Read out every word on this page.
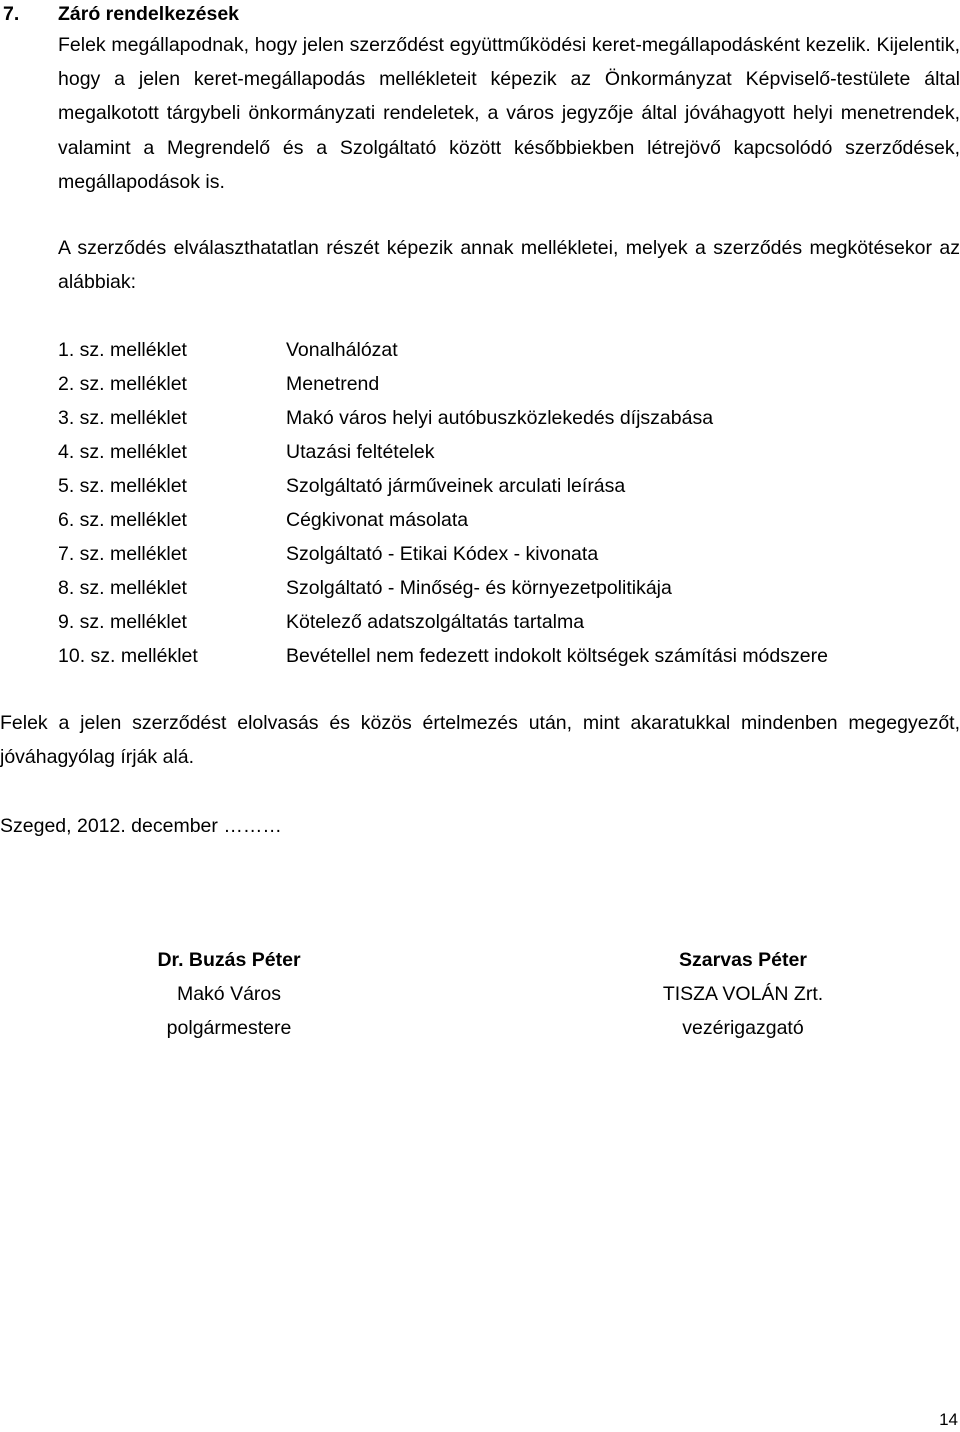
7. Záró rendelkezések
Felek megállapodnak, hogy jelen szerződést együttműködési keret-megállapodásként kezelik. Kijelentik, hogy a jelen keret-megállapodás mellékleteit képezik az Önkormányzat Képviselő-testülete által megalkotott tárgybeli önkormányzati rendeletek, a város jegyzője által jóváhagyott helyi menetrendek, valamint a Megrendelő és a Szolgáltató között későbbiekben létrejövő kapcsolódó szerződések, megállapodások is.
A szerződés elválaszthatatlan részét képezik annak mellékletei, melyek a szerződés megkötésekor az alábbiak:
1. sz. melléklet	Vonalhálózat
2. sz. melléklet	Menetrend
3. sz. melléklet	Makó város helyi autóbuszközlekedés díjszabása
4. sz. melléklet	Utazási feltételek
5. sz. melléklet	Szolgáltató járműveinek arculati leírása
6. sz. melléklet	Cégkivonat másolata
7. sz. melléklet	Szolgáltató - Etikai Kódex - kivonata
8. sz. melléklet	Szolgáltató - Minőség- és környezetpolitikája
9. sz. melléklet	Kötelező adatszolgáltatás tartalma
10. sz. melléklet	Bevétellel nem fedezett indokolt költségek számítási módszere
Felek a jelen szerződést elolvasás és közös értelmezés után, mint akaratukkal mindenben megegyezőt, jóváhagyólag írják alá.
Szeged, 2012. december ………
Dr. Buzás Péter
Makó Város
polgármestere
Szarvas Péter
TISZA VOLÁN Zrt.
vezérigazgató
14
